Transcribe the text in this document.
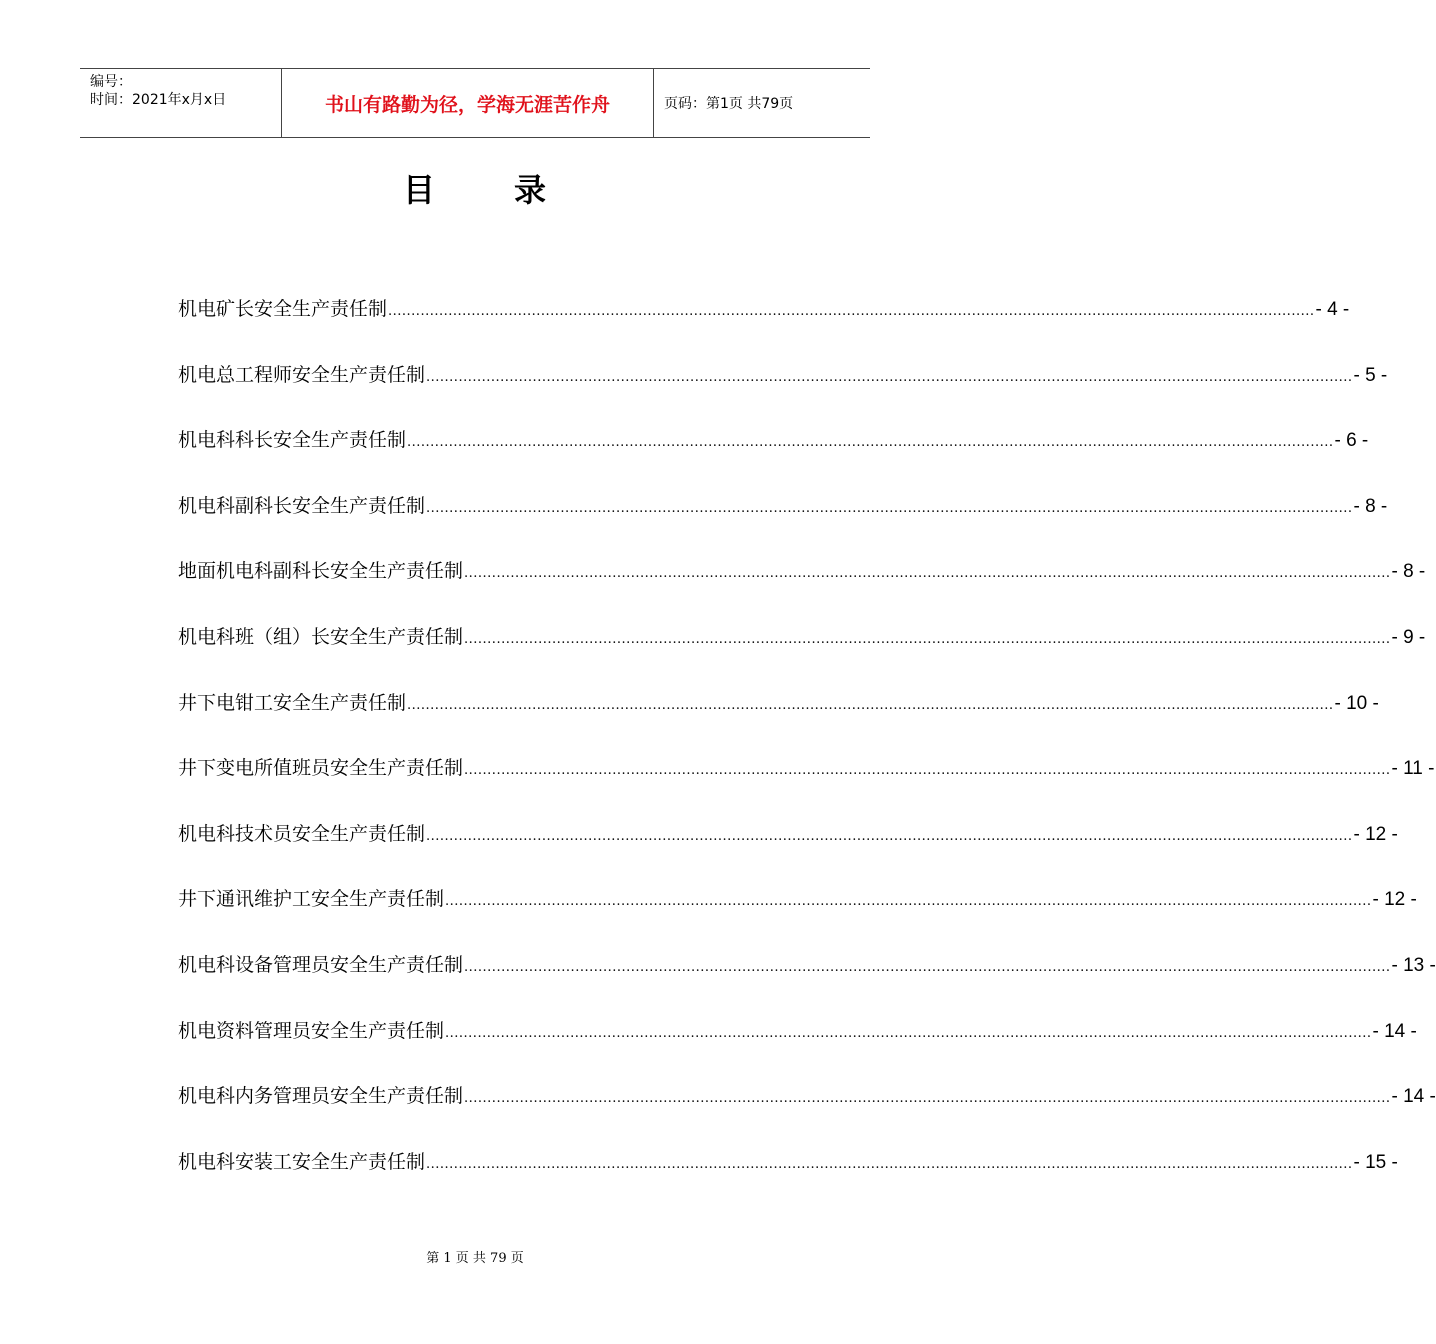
编号：
时间：2021年x月x日	书山有路勤为径，学海无涯苦作舟	页码：第1页 共79页
目 录
机电矿长安全生产责任制 ........................................................................................................................................................................................................ - 4 -
机电总工程师安全生产责任制 ........................................................................................................................................................................................................ - 5 -
机电科科长安全生产责任制 ........................................................................................................................................................................................................ - 6 -
机电科副科长安全生产责任制 ........................................................................................................................................................................................................ - 8 -
地面机电科副科长安全生产责任制 ........................................................................................................................................................................................................ - 8 -
机电科班（组）长安全生产责任制 ........................................................................................................................................................................................................ - 9 -
井下电钳工安全生产责任制 ........................................................................................................................................................................................................ - 10 -
井下变电所值班员安全生产责任制 ........................................................................................................................................................................................................ - 11 -
机电科技术员安全生产责任制 ........................................................................................................................................................................................................ - 12 -
井下通讯维护工安全生产责任制 ........................................................................................................................................................................................................ - 12 -
机电科设备管理员安全生产责任制 ........................................................................................................................................................................................................ - 13 -
机电资料管理员安全生产责任制 ........................................................................................................................................................................................................ - 14 -
机电科内务管理员安全生产责任制 ........................................................................................................................................................................................................ - 14 -
机电科安装工安全生产责任制 ........................................................................................................................................................................................................ - 15 -
第 1 页 共 79 页
